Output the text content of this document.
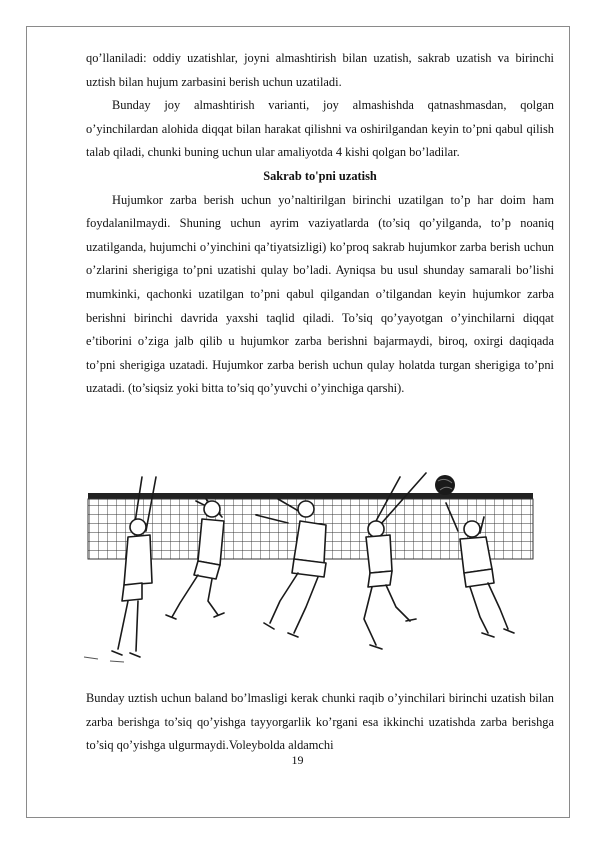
qo’llaniladi: oddiy uzatishlar, joyni almashtirish bilan uzatish, sakrab uzatish va birinchi uztish bilan hujum zarbasini berish uchun uzatiladi.

Bunday joy almashtirish varianti, joy almashishda qatnashmasdan, qolgan o’yinchilardan alohida diqqat bilan harakat qilishni va oshirilgandan keyin to’pni qabul qilish talab qiladi, chunki buning uchun ular amaliyotda 4 kishi qolgan bo’ladilar.

Sakrab to'pni uzatish

Hujumkor zarba berish uchun yo’naltirilgan birinchi uzatilgan to’p har doim ham foydalanilmaydi. Shuning uchun ayrim vaziyatlarda (to’siq qo’yilganda, to’p noaniq uzatilganda, hujumchi o’yinchini qa’tiyatsizligi) ko’proq sakrab hujumkor zarba berish uchun o’zlarini sherigiga to’pni uzatishi qulay bo’ladi. Ayniqsa bu usul shunday samarali bo’lishi mumkinki, qachonki uzatilgan to’pni qabul qilgandan o’tilgandan keyin hujumkor zarba berishni birinchi davrida yaxshi taqlid qiladi. To’siq qo’yayotgan o’yinchilarni diqqat e’tiborini o’ziga jalb qilib u hujumkor zarba berishni bajarmaydi, biroq, oxirgi daqiqada to’pni sherigiga uzatadi. Hujumkor zarba berish uchun qulay holatda turgan sherigiga to’pni uzatadi. (to’siqsiz yoki bitta to’siq qo’yuvchi o’yinchiga qarshi).

Bunday uztish uchun baland bo’lmasligi kerak chunki raqib o’yinchilari birinchi uzatish bilan zarba berishga to’siq qo’yishga tayyorgarlik ko’rgani esa ikkinchi uzatishda zarba berishga to’siq qo’yishga ulgurmaydi.Voleybolda aldamchi

19
